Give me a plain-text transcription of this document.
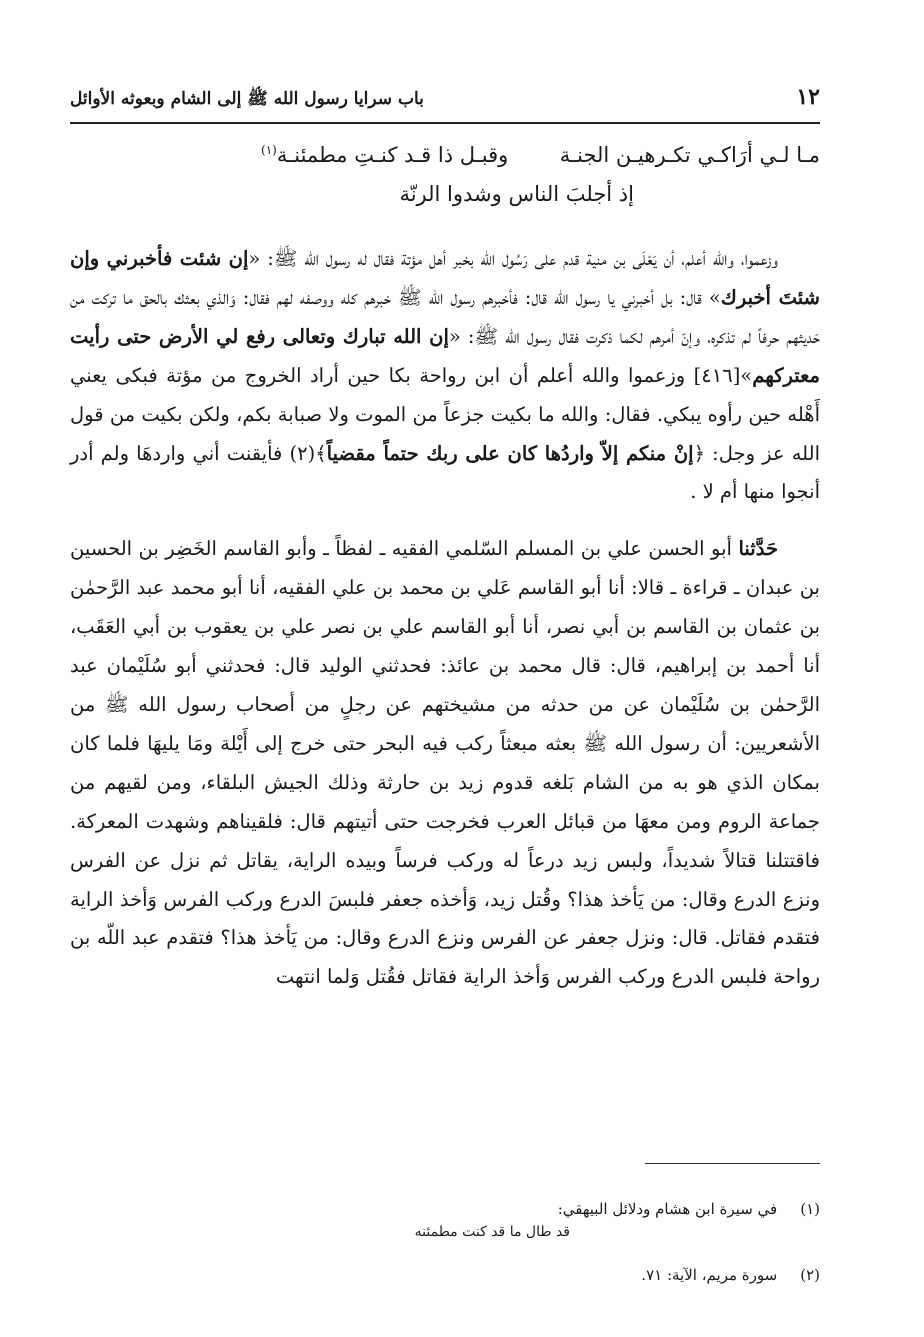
١٢
باب سرايا رسول الله ﷺ إلى الشام وبعوثه الأوائل
مـا لـي أرَاكـي تكـرهيـن الجنـة  وقبـل ذا قـد كنـتِ مطمئنـة$^{(١)}$
إذ أجلبَ الناس وشدوا الرنّة

وزعموا، والله أعلم، أن يَعْلَى بن منية قدم على رَسُول الله بخبر أهل مؤتة فقال له رسول الله ﷺ: «إن شئت فأخبرني وإن شئتَ أخبرك» قال: بل أخبرني يا رسول الله قال: فأخبرهم رسول الله ﷺ خبرهم كله ووصفه لهم فقال: وَالذي بعثك بالحق ما تركت من حَديثهم حرفاً لم تذكره، وإنّ أمرهم لكما ذكرت فقال رسول الله ﷺ: «إن الله تبارك وتعالى رفع لي الأرض حتى رأيت معتركهم»[٤١٦] وزعموا والله أعلم أن ابن رواحة بكا حين أراد الخروج من مؤتة فبكى يعني أَهْله حين رأوه يبكي. فقال: والله ما بكيت جزعاً من الموت ولا صبابة بكم، ولكن بكيت من قول الله عز وجل: ﴿إنْ منكم إلاّ واردُها كان على ربك حتماً مقضياً﴾(٢) فأيقنت أني واردهَا ولم أدر أنجوا منها أم لا .

حَدَّثنا أبو الحسن علي بن المسلم السّلمي الفقيه ـ لفظاً ـ وأبو القاسم الخَضِر بن الحسين بن عبدان ـ قراءة ـ قالا: أنا أبو القاسم عَلي بن محمد بن علي الفقيه، أنا أبو محمد عبد الرَّحمٰن بن عثمان بن القاسم بن أبي نصر، أنا أبو القاسم علي بن نصر علي بن يعقوب بن أبي العَقَب، أنا أحمد بن إبراهيم، قال: قال محمد بن عائذ: فحدثني الوليد قال: فحدثني أبو سُلَيْمان عبد الرَّحمٰن بن سُلَيْمان عن من حدثه من مشيختهم عن رجلٍ من أصحاب رسول الله ﷺ من الأشعريين: أن رسول الله ﷺ بعثه مبعثاً ركب فيه البحر حتى خرج إلى أَيْلة ومَا يليهَا فلما كان بمكان الذي هو به من الشام بَلغه قدوم زيد بن حارثة وذلك الجيش البلقاء، ومن لقيهم من جماعة الروم ومن معهَا من قبائل العرب فخرجت حتى أتيتهم قال: فلقيناهم وشهدت المعركة. فاقتتلنا قتالاً شديداً، ولبس زيد درعاً له وركب فرساً وبيده الراية، يقاتل ثم نزل عن الفرس ونزع الدرع وقال: من يَأخذ هذا؟ وقُتل زيد، وَأخذه جعفر فلبسَ الدرع وركب الفرس وَأخذ الراية فتقدم فقاتل. قال: ونزل جعفر عن الفرس ونزع الدرع وقال: من يَأخذ هذا؟ فتقدم عبد اللّه بن رواحة فلبس الدرع وركب الفرس وَأخذ الراية فقاتل فقُتل وَلما انتهت

(١) في سيرة ابن هشام ودلائل البيهقي:
قد طال ما قد كنت مطمئنه
(٢) سورة مريم، الآية: ٧١.
